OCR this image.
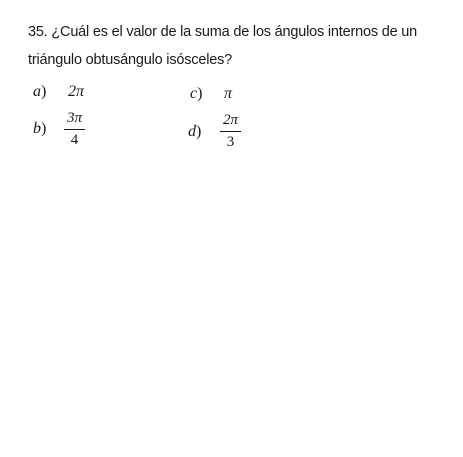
35. ¿Cuál es el valor de la suma de los ángulos internos de un triángulo obtusángulo isósceles?
a) 2π	c) π
b)
3π
4	d)
2π
3
